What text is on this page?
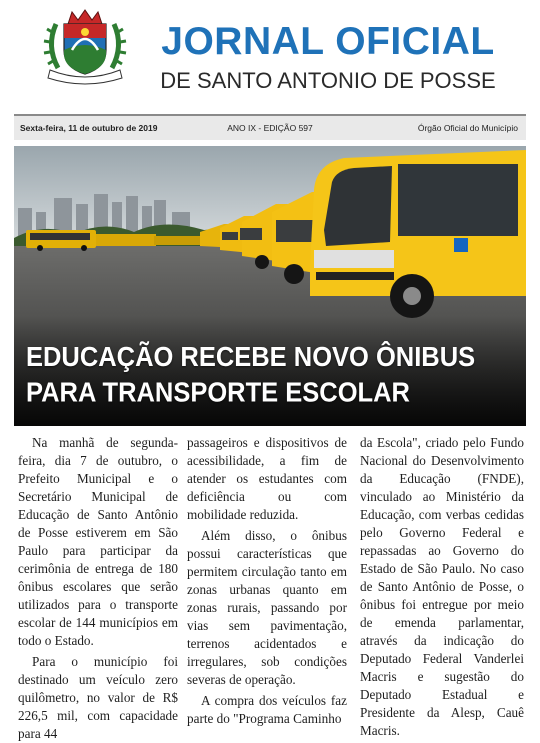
JORNAL OFICIAL
DE SANTO ANTONIO DE POSSE
Sexta-feira, 11 de outubro de 2019	ANO IX - EDIÇÃO 597	Órgão Oficial do Município
EDUCAÇÃO RECEBE NOVO ÔNIBUS
PARA TRANSPORTE ESCOLAR

Na manhã de segunda-feira, dia 7 de outubro, o Prefeito Municipal e o Secretário Municipal de Educação de Santo Antônio de Posse estiverem em São Paulo para participar da cerimônia de entrega de 180 ônibus escolares que serão utilizados para o transporte escolar de 144 municípios em todo o Estado.

Para o município foi destinado um veículo zero quilômetro, no valor de R$ 226,5 mil, com capacidade para 44

passageiros e dispositivos de acessibilidade, a fim de atender os estudantes com deficiência ou com mobilidade reduzida.

Além disso, o ônibus possui características que permitem circulação tanto em zonas urbanas quanto em zonas rurais, passando por vias sem pavimentação, terrenos acidentados e irregulares, sob condições severas de operação.

A compra dos veículos faz parte do "Programa Caminho

da Escola", criado pelo Fundo Nacional do Desenvolvimento da Educação (FNDE), vinculado ao Ministério da Educação, com verbas cedidas pelo Governo Federal e repassadas ao Governo do Estado de São Paulo. No caso de Santo Antônio de Posse, o ônibus foi entregue por meio de emenda parlamentar, através da indicação do Deputado Federal Vanderlei Macris e sugestão do Deputado Estadual e Presidente da Alesp, Cauê Macris.
